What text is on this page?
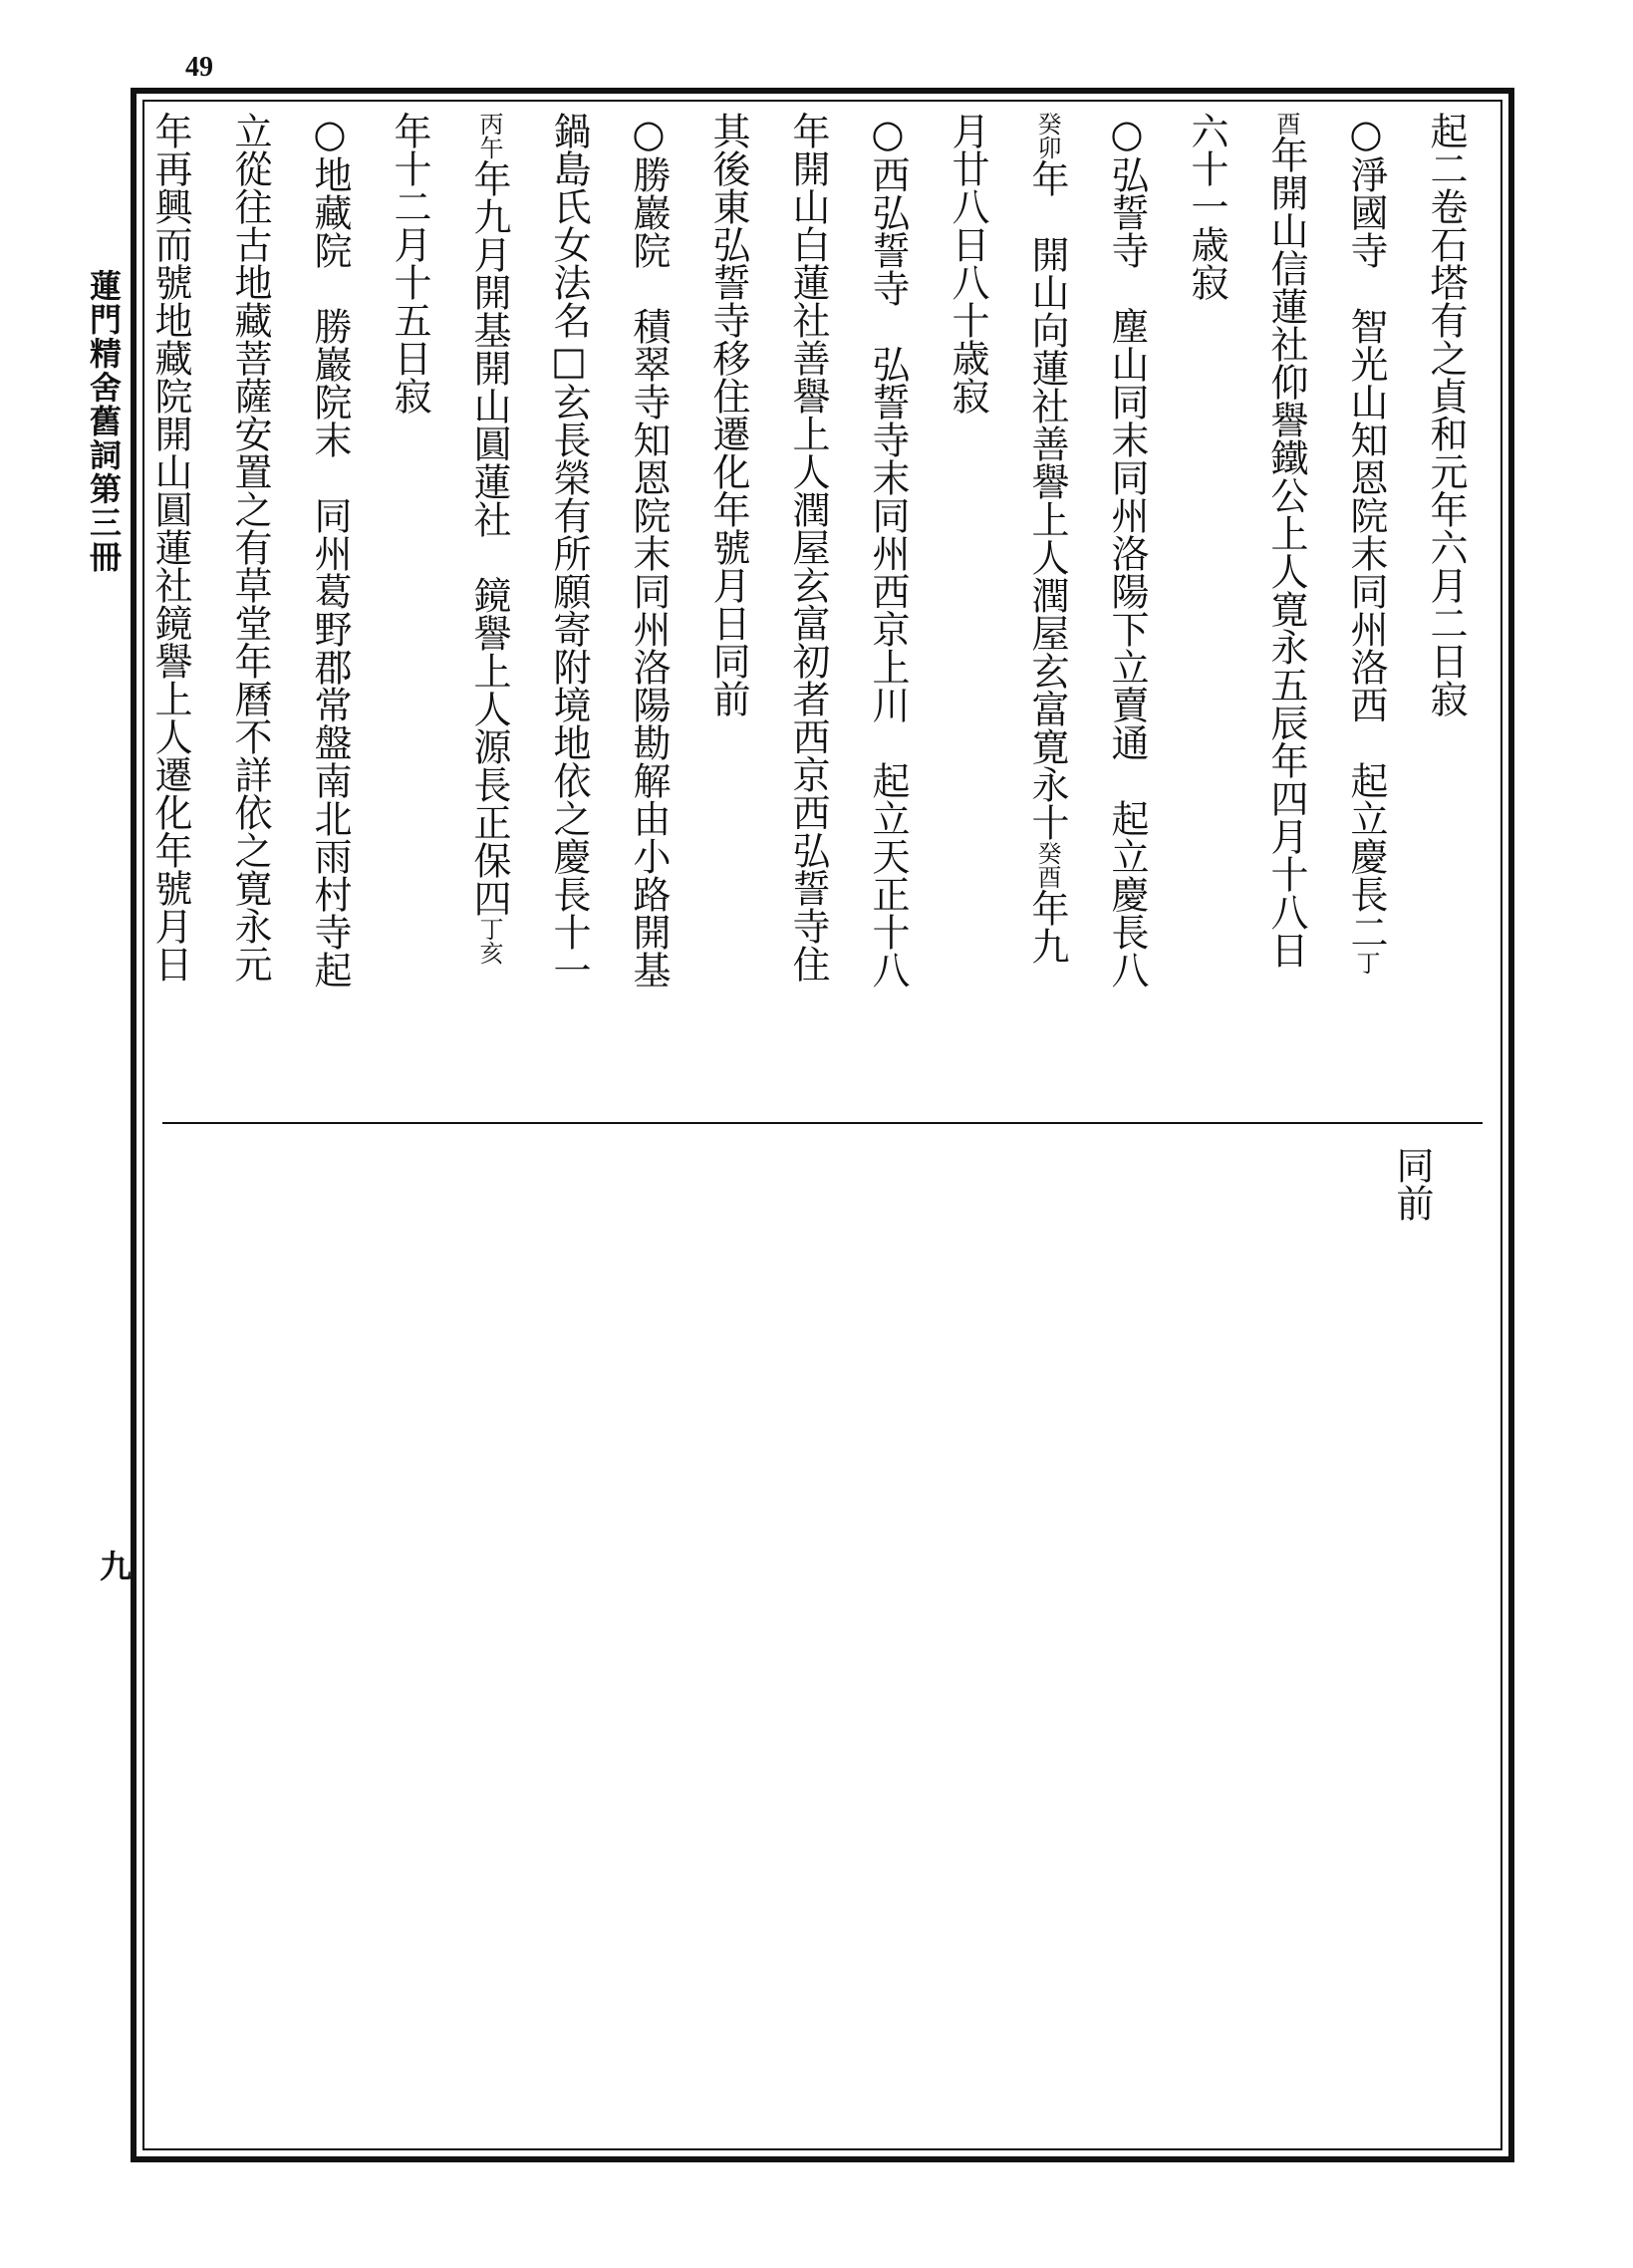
49
蓮門精舍舊詞第三冊
九
起二卷石塔有之貞和元年六月二日寂
○淨國寺　智光山知恩院末同州洛西　起立慶長二丁
酉年開山信蓮社仰譽鐵公上人寛永五辰年四月十八日
六十一歳寂
○弘誓寺　塵山同末同州洛陽下立賣通　起立慶長八
癸卯年　開山向蓮社善譽上人潤屋玄富寛永十癸酉年九
月廿八日八十歳寂
○西弘誓寺　弘誓寺末同州西京上川　起立天正十八
年開山白蓮社善譽上人潤屋玄富初者西京西弘誓寺住
其後東弘誓寺移住遷化年號月日同前
○勝巖院　積翠寺知恩院末同州洛陽勘解由小路開基
鍋島氏女法名□玄長榮有所願寄附境地依之慶長十一
丙午年九月開基開山圓蓮社　鏡譽上人源長正保四丁亥
年十二月十五日寂
○地藏院　勝巖院末　同州葛野郡常盤南北雨村寺起
立從往古地藏菩薩安置之有草堂年曆不詳依之寛永元
年再興而號地藏院開山圓蓮社鏡譽上人遷化年號月日
同前
